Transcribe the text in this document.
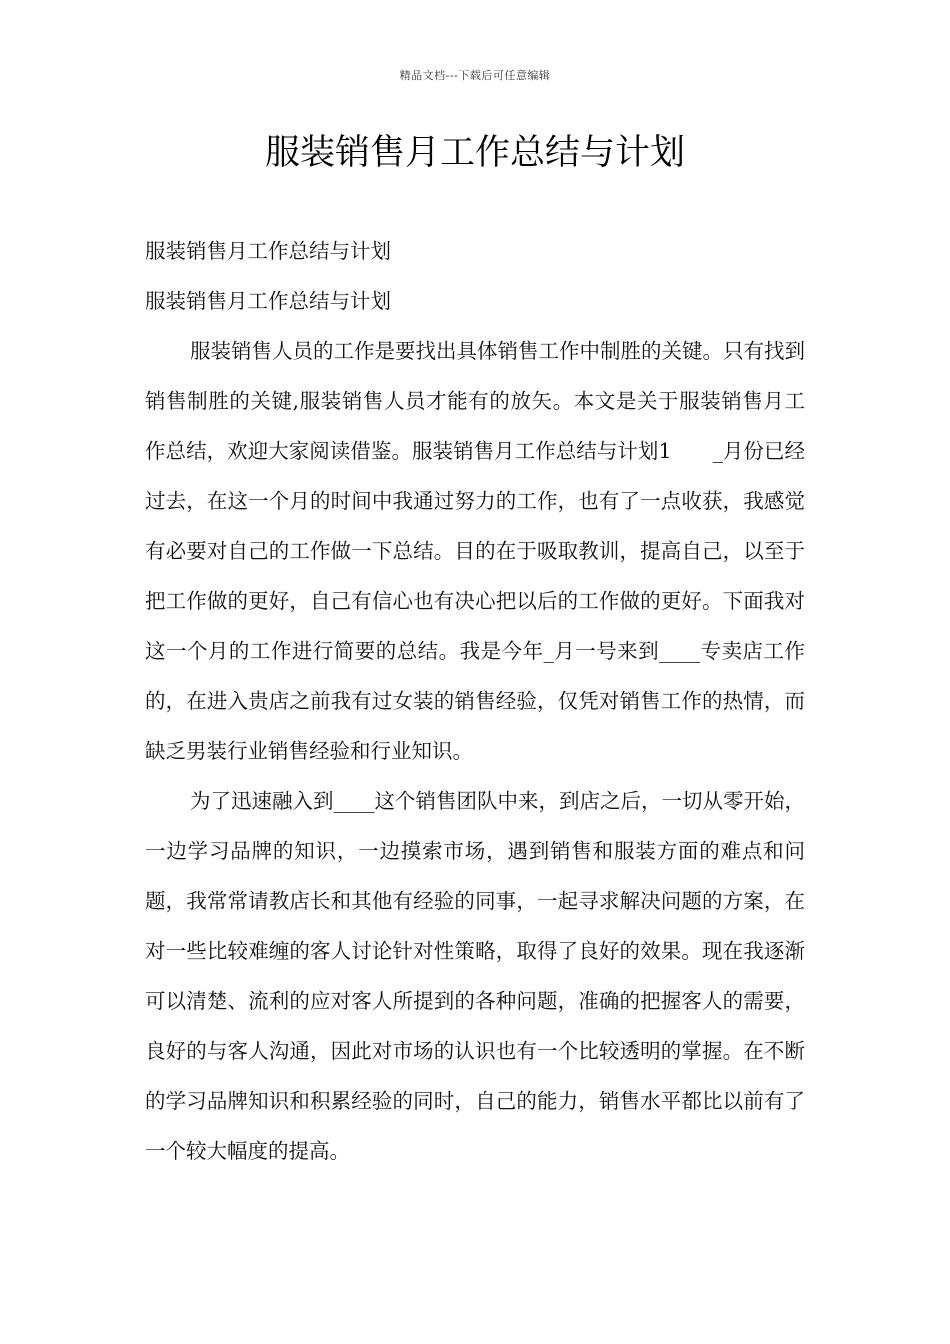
精品文档---下载后可任意编辑
服装销售月工作总结与计划

服装销售月工作总结与计划

服装销售月工作总结与计划

服装销售人员的工作是要找出具体销售工作中制胜的关键。只有找到销售制胜的关键,服装销售人员才能有的放矢。本文是关于服装销售月工作总结，欢迎大家阅读借鉴。服装销售月工作总结与计划1　　_月份已经过去，在这一个月的时间中我通过努力的工作，也有了一点收获，我感觉有必要对自己的工作做一下总结。目的在于吸取教训，提高自己，以至于把工作做的更好，自己有信心也有决心把以后的工作做的更好。下面我对这一个月的工作进行简要的总结。我是今年_月一号来到____专卖店工作的，在进入贵店之前我有过女装的销售经验，仅凭对销售工作的热情，而缺乏男装行业销售经验和行业知识。

为了迅速融入到____这个销售团队中来，到店之后，一切从零开始，一边学习品牌的知识，一边摸索市场，遇到销售和服装方面的难点和问题，我常常请教店长和其他有经验的同事，一起寻求解决问题的方案，在对一些比较难缠的客人讨论针对性策略，取得了良好的效果。现在我逐渐可以清楚、流利的应对客人所提到的各种问题，准确的把握客人的需要，良好的与客人沟通，因此对市场的认识也有一个比较透明的掌握。在不断的学习品牌知识和积累经验的同时，自己的能力，销售水平都比以前有了一个较大幅度的提高。
